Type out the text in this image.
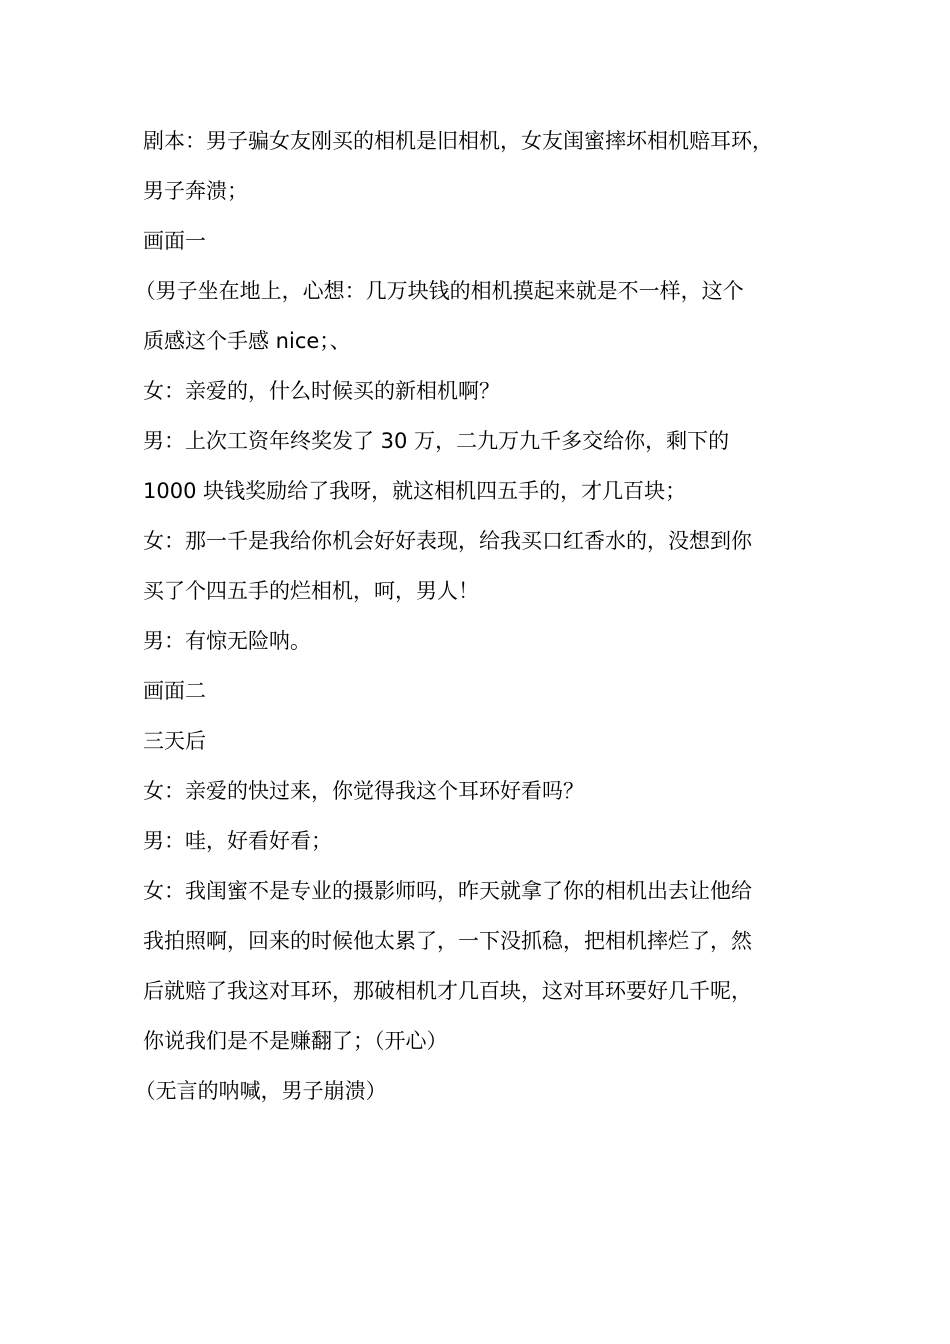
剧本：男子骗女友刚买的相机是旧相机，女友闺蜜摔坏相机赔耳环，
男子奔溃；
画面一
（男子坐在地上，心想：几万块钱的相机摸起来就是不一样，这个
质感这个手感 nice；、
女：亲爱的，什么时候买的新相机啊？
男：上次工资年终奖发了 30 万，二九万九千多交给你，剩下的
1000 块钱奖励给了我呀，就这相机四五手的，才几百块；
女：那一千是我给你机会好好表现，给我买口红香水的，没想到你
买了个四五手的烂相机，呵，男人！
男：有惊无险呐。
画面二
三天后
女：亲爱的快过来，你觉得我这个耳环好看吗？
男：哇，好看好看；
女：我闺蜜不是专业的摄影师吗，昨天就拿了你的相机出去让他给
我拍照啊，回来的时候他太累了，一下没抓稳，把相机摔烂了，然
后就赔了我这对耳环，那破相机才几百块，这对耳环要好几千呢，
你说我们是不是赚翻了；（开心）
（无言的呐喊，男子崩溃）
